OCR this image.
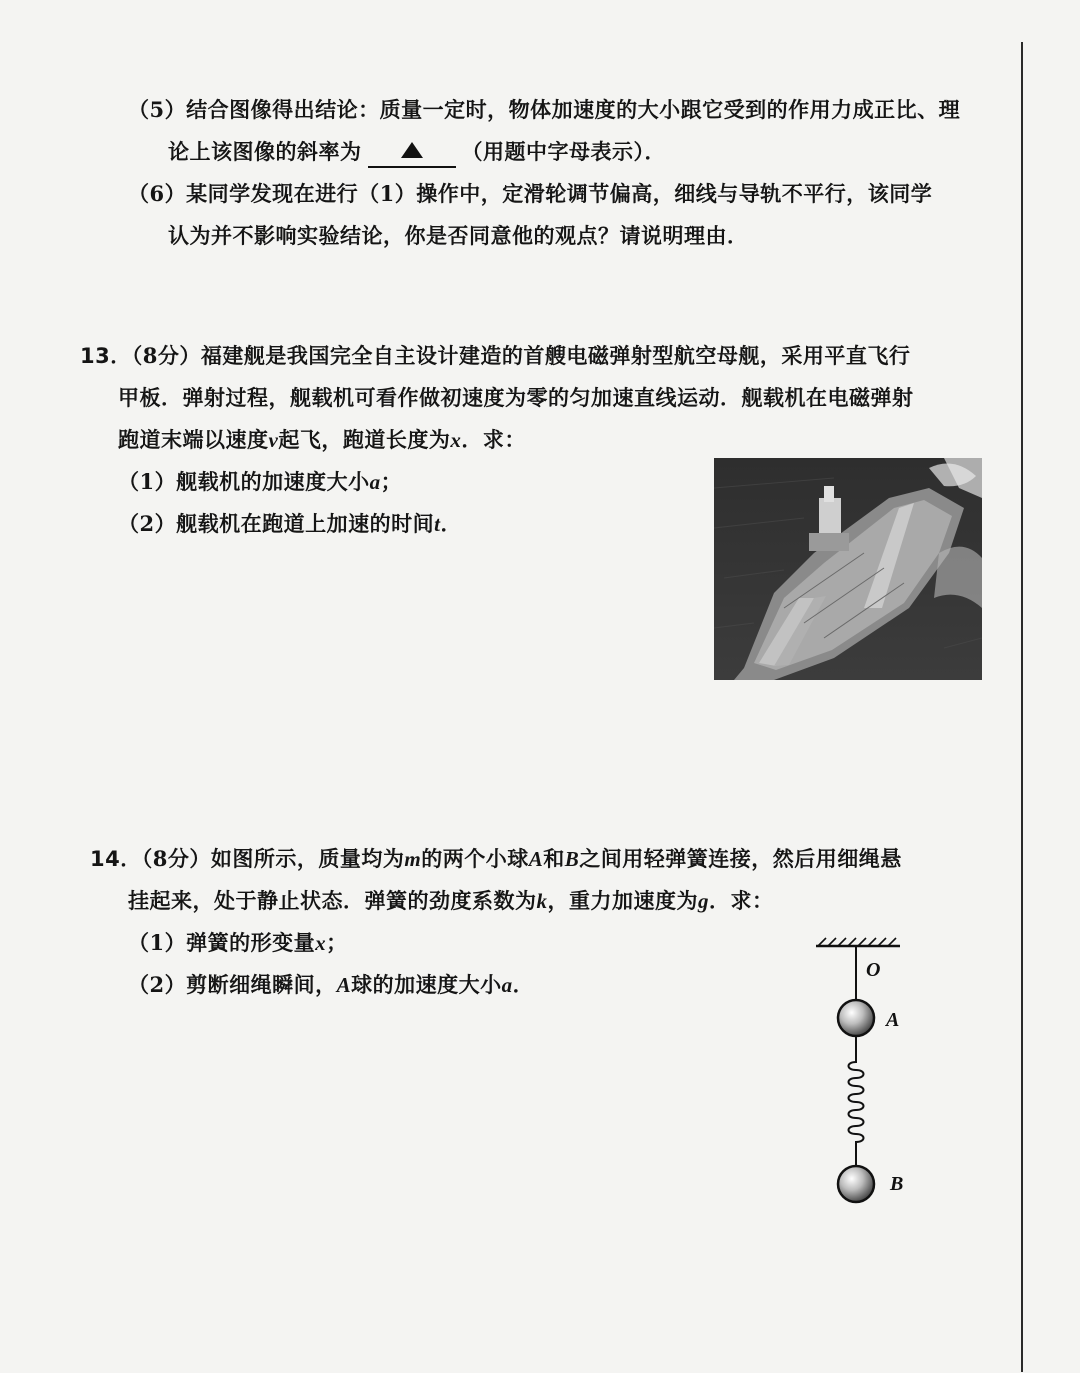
（5）结合图像得出结论：质量一定时，物体加速度的大小跟它受到的作用力成正比、理
论上该图像的斜率为	（用题中字母表示）．
（6）某同学发现在进行（1）操作中，定滑轮调节偏高，细线与导轨不平行，该同学
认为并不影响实验结论，你是否同意他的观点？请说明理由．
13．（8分）福建舰是我国完全自主设计建造的首艘电磁弹射型航空母舰，采用平直飞行
甲板．弹射过程，舰载机可看作做初速度为零的匀加速直线运动．舰载机在电磁弹射
跑道末端以速度v起飞，跑道长度为x．求：
（1）舰载机的加速度大小a；
（2）舰载机在跑道上加速的时间t．
14．（8分）如图所示，质量均为m的两个小球A和B之间用轻弹簧连接，然后用细绳悬
挂起来，处于静止状态．弹簧的劲度系数为k，重力加速度为g．求：
（1）弹簧的形变量x；
（2）剪断细绳瞬间，A球的加速度大小a．
O
A
B
